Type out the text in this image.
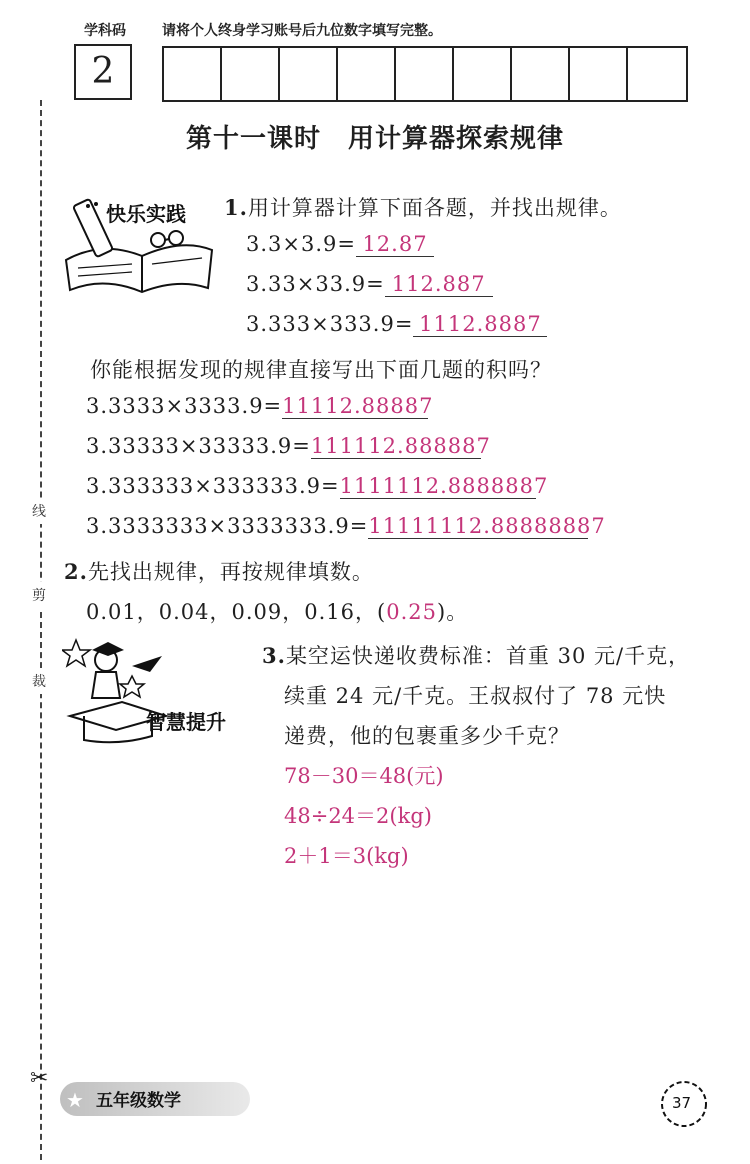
学科码	请将个人终身学习账号后九位数字填写完整。
2
第十一课时　用计算器探索规律
线
剪
裁
✂
快乐实践 1.用计算器计算下面各题，并找出规律。
3.3×3.9= 12.87
3.33×33.9= 112.887
3.333×333.9= 1112.8887
你能根据发现的规律直接写出下面几题的积吗？
3.3333×3333.9=11112.88887
3.33333×33333.9=111112.888887
3.333333×333333.9=1111112.8888887
3.3333333×3333333.9=11111112.88888887
2.先找出规律，再按规律填数。
0.01，0.04，0.09，0.16，(0.25)。
智慧提升
3.某空运快递收费标准：首重 30 元/千克，
续重 24 元/千克。王叔叔付了 78 元快
递费，他的包裹重多少千克？
78－30＝48(元)
48÷24＝2(kg)
2＋1＝3(kg)
★ 五年级数学	37
